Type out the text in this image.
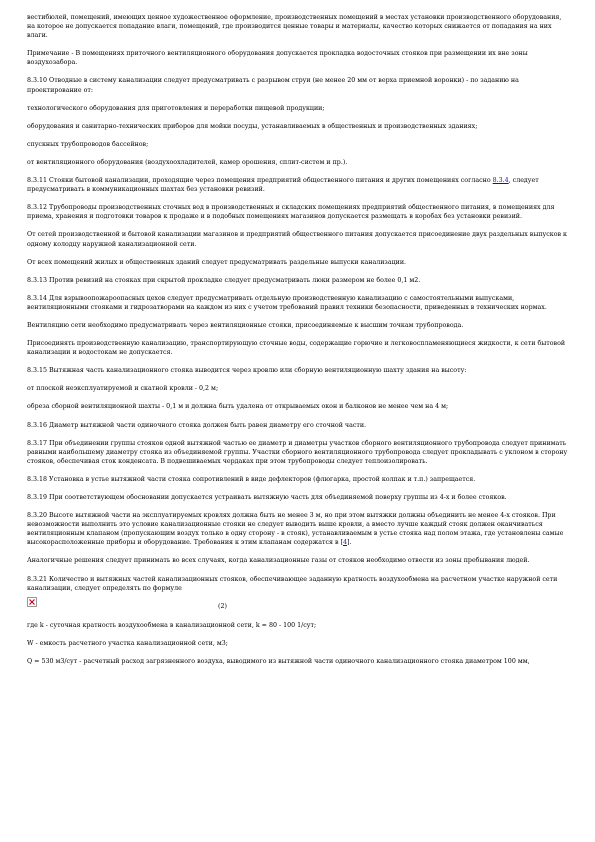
вестибюлей, помещений, имеющих ценное художественное оформление, производственных помещений в местах установки производственного оборудования, на которое не допускается попадание влаги, помещений, где производится ценные товары и материалы, качество которых снижается от попадания на них влаги.

Примечание - В помещениях приточного вентиляционного оборудования допускается прокладка водосточных стояков при размещении их вне зоны воздухозабора.

8.3.10 Отводные в систему канализации следует предусматривать с разрывом струи (не менее 20 мм от верха приемной воронки) - по заданию на проектирование от:

технологического оборудования для приготовления и переработки пищевой продукции;

оборудования и санитарно-технических приборов для мойки посуды, устанавливаемых в общественных и производственных зданиях;

спускных трубопроводов бассейнов;

от вентиляционного оборудования (воздухоохладителей, камер орошения, сплит-систем и пр.).

8.3.11 Стояки бытовой канализации, проходящие через помещения предприятий общественного питания и других помещениях согласно 8.3.4, следует предусматривать в коммуникационных шахтах без установки ревизий.

8.3.12 Трубопроводы производственных сточных вод в производственных и складских помещениях предприятий общественного питания, в помещениях для приема, хранения и подготовки товаров к продаже и в подобных помещениях магазинов допускается размещать в коробах без установки ревизий.

От сетей производственной и бытовой канализации магазинов и предприятий общественного питания допускается присоединение двух раздельных выпусков к одному колодцу наружной канализационной сети.

От всех помещений жилых и общественных зданий следует предусматривать раздельные выпуски канализации.

8.3.13 Против ревизий на стояках при скрытой прокладке следует предусматривать люки размером не более 0,1 м2.

8.3.14 Для взрывоопожароопасных цехов следует предусматривать отдельную производственную канализацию с самостоятельными выпусками, вентиляционными стояками и гидрозатворами на каждом из них с учетом требований правил техники безопасности, приведенных в технических нормах.

Вентиляцию сети необходимо предусматривать через вентиляционные стояки, присоединяемые к высшим точкам трубопровода.

Присоединять производственную канализацию, транспортирующую сточные воды, содержащие горючие и легковоспламеняющиеся жидкости, к сети бытовой канализации и водостокам не допускается.

8.3.15 Вытяжная часть канализационного стояка выводится через кровлю или сборную вентиляционную шахту здания на высоту:

от плоской неэксплуатируемой и скатной кровли - 0,2 м;

обреза сборной вентиляционной шахты - 0,1 м и должна быть удалена от открываемых окон и балконов не менее чем на 4 м;

8.3.16 Диаметр вытяжной части одиночного стояка должен быть равен диаметру его сточной части.

8.3.17 При объединении группы стояков одной вытяжной частью ее диаметр и диаметры участков сборного вентиляционного трубопровода следует принимать равными наибольшему диаметру стояка из объединяемой группы. Участки сборного вентиляционного трубопровода следует прокладывать с уклоном в сторону стояков, обеспечивая сток конденсата. В подвешиваемых чердаках при этом трубопроводы следует теплоизолировать.

8.3.18 Установка в устье вытяжной части стояка сопротивлений в виде дефлекторов (флюгарка, простой колпак и т.п.) запрещается.

8.3.19 При соответствующем обосновании допускается устраивать вытяжную часть для объединяемой поверху группы из 4-х и более стояков.

8.3.20 Высоте вытяжной части на эксплуатируемых кровлях должна быть не менее 3 м, но при этом вытяжки должны объединить не менее 4-х стояков. При невозможности выполнить это условие канализационные стояки не следует выводить выше кровли, а вместо лучше каждый стояк должен оканчиваться вентиляционным клапаном (пропускающим воздух только в одну сторону - в стояк), устанавливаемым в устье стояка над полом этажа, где установлены самые высокорасположенные приборы и оборудование. Требования к этим клапанам содержатся в [4].

Аналогичные решения следует принимать во всех случаях, когда канализационные газы от стояков необходимо отвести из зоны пребывания людей.

8.3.21 Количество и вытяжных частей канализационных стояков, обеспечивающее заданную кратность воздухообмена на расчетном участке наружной сети канализации, следует определять по формуле

(2)

где k - суточная кратность воздухообмена в канализационной сети, k = 80 - 100 1/сут;

W - емкость расчетного участка канализационной сети, м3;

Q = 530 м3/сут - расчетный расход загрязненного воздуха, выводимого из вытяжной части одиночного канализационного стояка диаметром 100 мм,
